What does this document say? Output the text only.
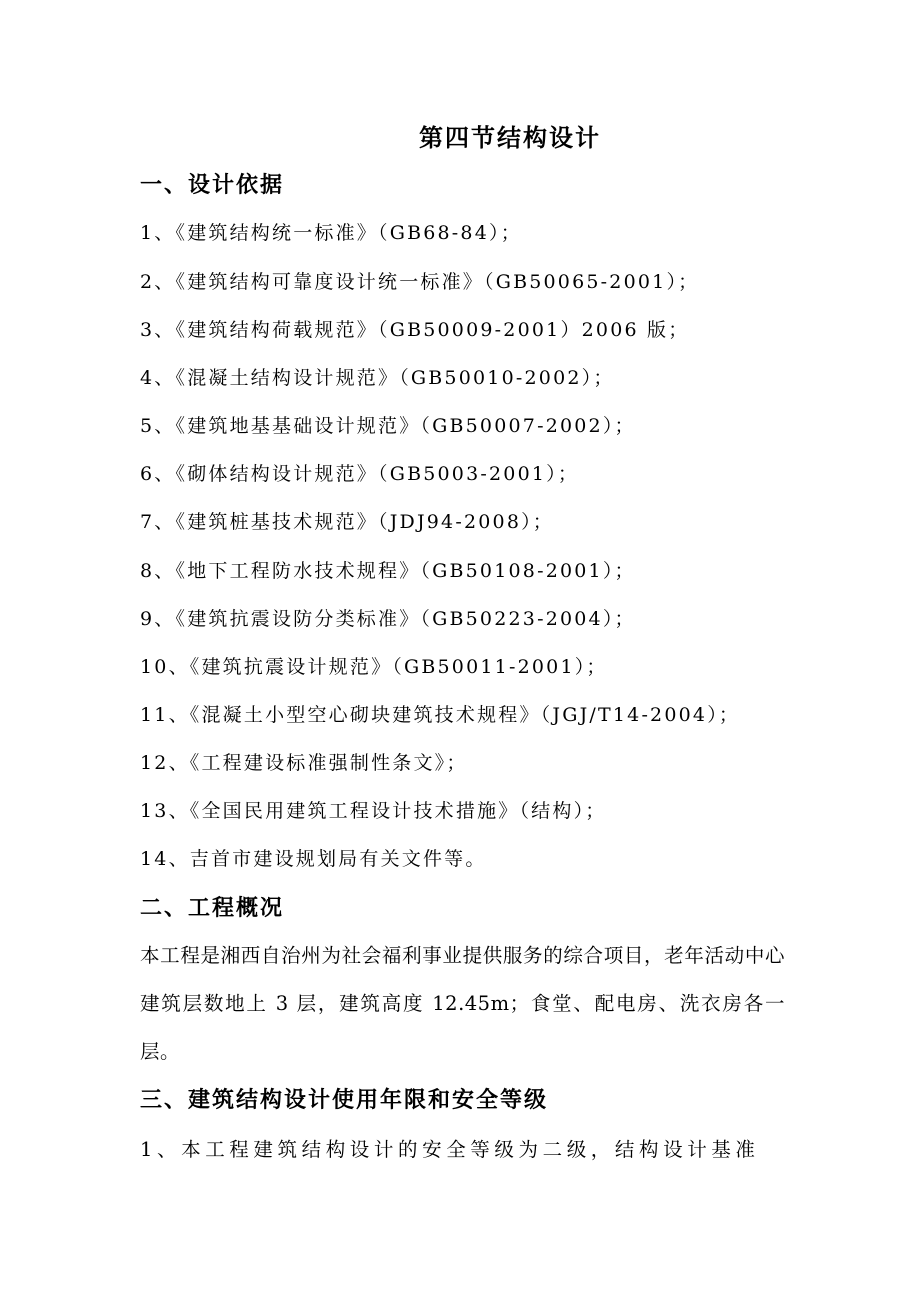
第四节结构设计
一、设计依据
1、《建筑结构统一标准》（GB68-84）；
2、《建筑结构可靠度设计统一标准》（GB50065-2001）；
3、《建筑结构荷载规范》（GB50009-2001）2006 版；
4、《混凝土结构设计规范》（GB50010-2002）；
5、《建筑地基基础设计规范》（GB50007-2002）；
6、《砌体结构设计规范》（GB5003-2001）；
7、《建筑桩基技术规范》（JDJ94-2008）；
8、《地下工程防水技术规程》（GB50108-2001）；
9、《建筑抗震设防分类标准》（GB50223-2004）；
10、《建筑抗震设计规范》（GB50011-2001）；
11、《混凝土小型空心砌块建筑技术规程》（JGJ/T14-2004）；
12、《工程建设标准强制性条文》；
13、《全国民用建筑工程设计技术措施》（结构）；
14、吉首市建设规划局有关文件等。
二、工程概况
本工程是湘西自治州为社会福利事业提供服务的综合项目，老年活动中心建筑层数地上 3 层，建筑高度 12.45m；食堂、配电房、洗衣房各一层。
三、建筑结构设计使用年限和安全等级
1、本工程建筑结构设计的安全等级为二级，结构设计基准
